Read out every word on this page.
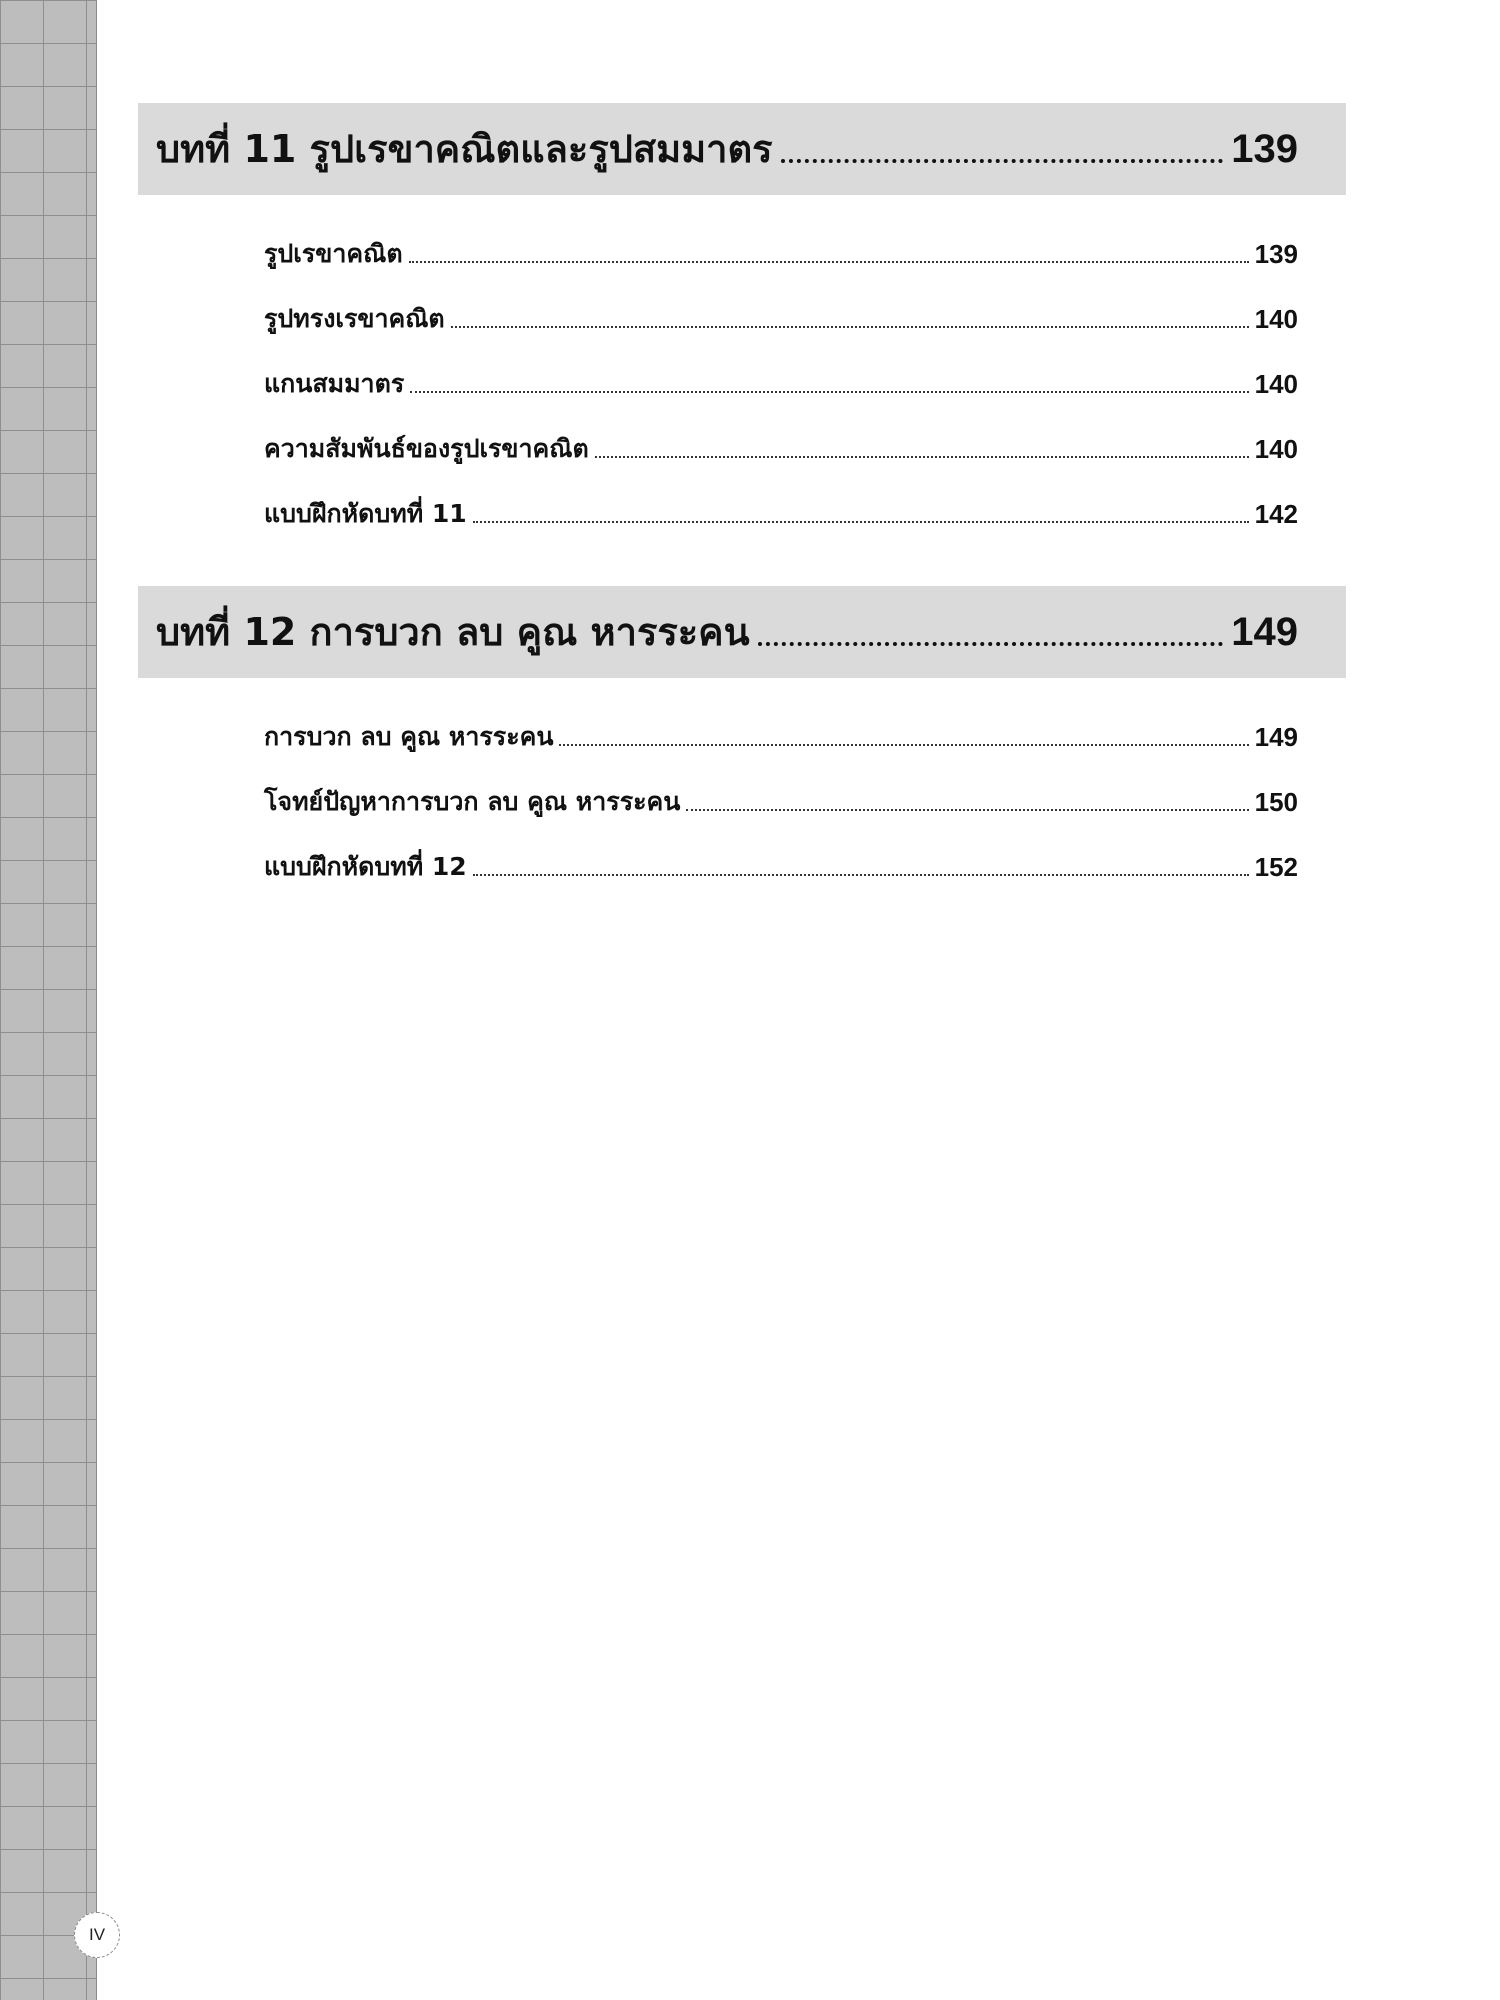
บทที่ 11 รูปเรขาคณิตและรูปสมมาตร	139
รูปเรขาคณิต	139
รูปทรงเรขาคณิต	140
แกนสมมาตร	140
ความสัมพันธ์ของรูปเรขาคณิต	140
แบบฝึกหัดบทที่ 11	142
บทที่ 12 การบวก ลบ คูณ หารระคน	149
การบวก ลบ คูณ หารระคน	149
โจทย์ปัญหาการบวก ลบ คูณ หารระคน	150
แบบฝึกหัดบทที่ 12	152
IV
